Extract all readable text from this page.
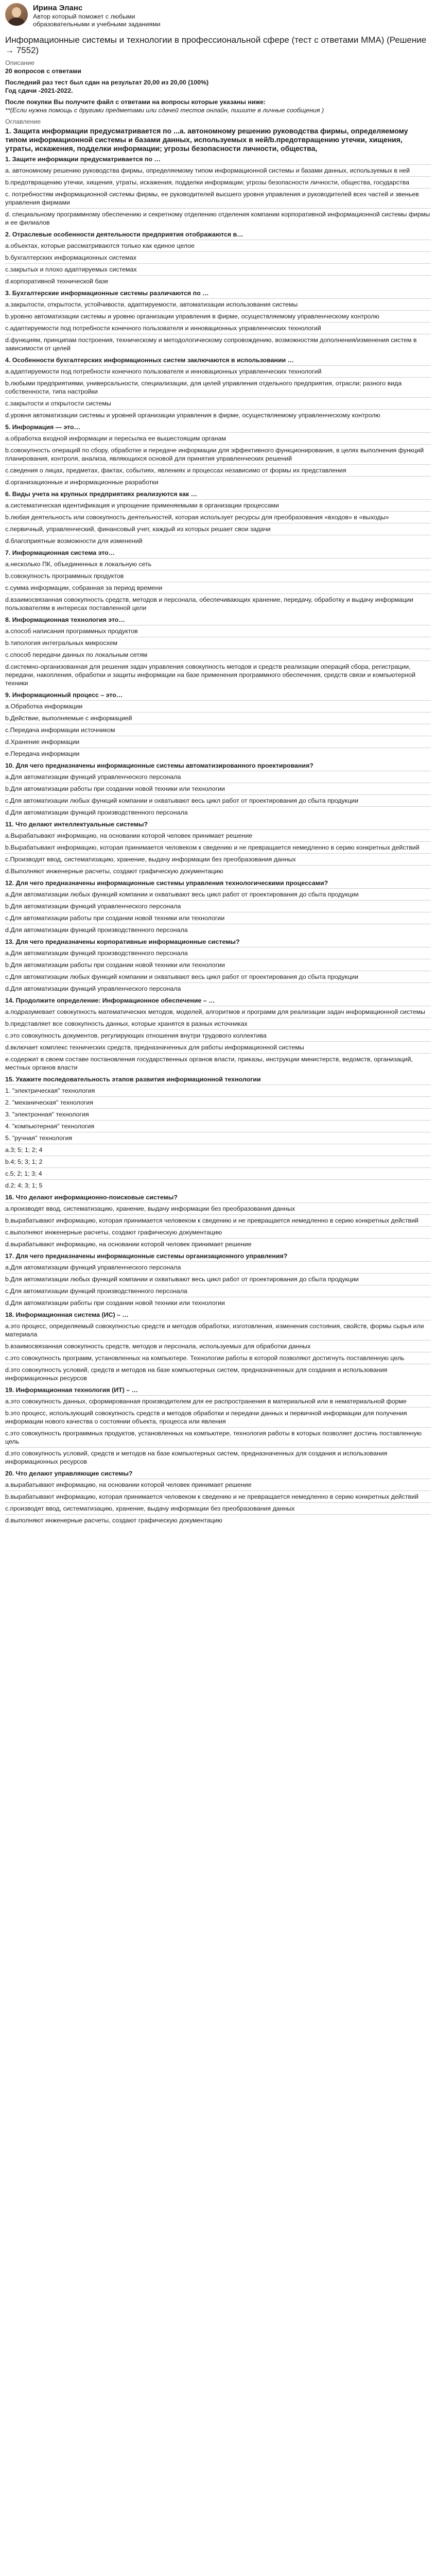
Ирина Эланс
Автор который поможет с любыми образовательными и учебными заданиями
Информационные системы и технологии в профессиональной сфере (тест с ответами ММА) (Решение → 7552)
Описание
20 вопросов с ответами
Последний раз тест был сдан на результат 20,00 из 20,00 (100%)
Год сдачи -2021-2022.
После покупки Вы получите файл с ответами на вопросы которые указаны ниже:
**(Если нужна помощь с другими предметами или сдачей тестов онлайн, пишите в личные сообщения )
Оглавление
1. Защита информации предусматривается по ...а. автономному решению руководства фирмы, определяемому типом информационной системы и базами данных, используемых в ней/b.предотвращению утечки, хищения, утраты, искажения, подделки информации; угрозы безопасности личности, общества,
1. Защите информации предусматривается по …
a. автономному решению руководства фирмы, определяемому типом информационной системы и базами данных, используемых в ней
b.предотвращению утечки, хищения, утраты, искажения, подделки информации; угрозы безопасности личности, общества, государства
c. потребностям информационной системы фирмы, ее руководителей высшего уровня управления и руководителей всех частей и звеньев управления фирмами
d. специальному программному обеспечению и секретному отделению отделения компании корпоративной информационной системы фирмы и ее филиалов
2. Отраслевые особенности деятельности предприятия отображаются в…
a.объектах, которые рассматриваются только как единое целое
b.бухгалтерских информационных системах
c.закрытых и плохо адаптируемых системах
d.корпоративной технической базе
3. Бухгалтерские информационные системы различаются по …
a.закрытости, открытости, устойчивости, адаптируемости, автоматизации использования системы
b.уровню автоматизации системы и уровню организации управления в фирме, осуществляемому управленческому контролю
c.адаптируемости под потребности конечного пользователя и инновационных управленческих технологий
d.функциям, принципам построения, техническому и методологическому сопровождению, возможностям дополнения/изменения систем в зависимости от целей
4. Особенности бухгалтерских информационных систем заключаются в использовании …
a.адаптируемости под потребности конечного пользователя и инновационных управленческих технологий
b.любыми предприятиями, универсальности, специализации, для целей управления отдельного предприятия, отрасли; разного вида собственности, типа настройки
c.закрытости и открытости системы
d.уровня автоматизации системы и уровней организации управления в фирме, осуществляемому управленческому контролю
5. Информация — это…
a.обработка входной информации и пересылка ее вышестоящим органам
b.совокупность операций по сбору, обработке и передаче информации для эффективного функционирования, в целях выполнения функций планирования, контроля, анализа, являющихся основой для принятия управленческих решений
c.сведения о лицах, предметах, фактах, событиях, явлениях и процессах независимо от формы их представления
d.организационные и информационные разработки
6. Виды учета на крупных предприятиях реализуются как …
a.систематическая идентификация и упрощение применяемыми в организации процессами
b.любая деятельность или совокупность деятельностей, которая использует ресурсы для преобразования «входов» в «выходы»
c.первичный, управленческий, финансовый учет, каждый из которых решает свои задачи
d.благоприятные возможности для изменений
7. Информационная система это…
a.несколько ПК, объединенных в локальную сеть
b.совокупность программных продуктов
c.сумма информации, собранная за период времени
d.взаимосвязанная совокупность средств, методов и персонала, обеспечивающих хранение, передачу, обработку и выдачу информации пользователям в интересах поставленной цели
8. Информационная технология это…
a.способ написания программных продуктов
b.типология интегральных микросхем
c.способ передачи данных по локальным сетям
d.системно-организованная для решения задач управления совокупность методов и средств реализации операций сбора, регистрации, передачи, накопления, обработки и защиты информации на базе применения программного обеспечения, средств связи и компьютерной техники
9. Информационный процесс – это…
a.Обработка информации
b.Действие, выполняемые с информацией
c.Передача информации источником
d.Хранение информации
e.Передача информации
10. Для чего предназначены информационные системы автоматизированного проектирования?
a.Для автоматизации функций управленческого персонала
b.Для автоматизации работы при создании новой техники или технологии
c.Для автоматизации любых функций компании и охватывают весь цикл работ от проектирования до сбыта продукции
d.Для автоматизации функций производственного персонала
11. Что делают интеллектуальные системы?
a.Вырабатывают информацию, на основании которой человек принимает решение
b.Вырабатывают информацию, которая принимается человеком к сведению и не превращается немедленно в серию конкретных действий
c.Производят ввод, систематизацию, хранение, выдачу информации без преобразования данных
d.Выполняют инженерные расчеты, создают графическую документацию
12. Для чего предназначены информационные системы управления технологическими процессами?
a.Для автоматизации любых функций компании и охватывают весь цикл работ от проектирования до сбыта продукции
b.Для автоматизации функций управленческого персонала
c.Для автоматизации работы при создании новой техники или технологии
d.Для автоматизации функций производственного персонала
13. Для чего предназначены корпоративные информационные системы?
a.Для автоматизации функций производственного персонала
b.Для автоматизации работы при создании новой техники или технологии
c.Для автоматизации любых функций компании и охватывают весь цикл работ от проектирования до сбыта продукции
d.Для автоматизации функций управленческого персонала
14. Продолжите определение: Информационное обеспечение – …
a.подразумевает совокупность математических методов, моделей, алгоритмов и программ для реализации задач информационной системы
b.представляет все совокупность данных, которые хранятся в разных источниках
c.это совокупность документов, регулирующих отношения внутри трудового коллектива
d.включает комплекс технических средств, предназначенных для работы информационной системы
e.содержит в своем составе постановления государственных органов власти, приказы, инструкции министерств, ведомств, организаций, местных органов власти
15. Укажите последовательность этапов развития информационной технологии
1. "электрическая" технология
2. "механическая" технология
3. "электронная" технология
4. "компьютерная" технология
5. "ручная" технология
a.3; 5; 1; 2; 4
b.4; 5; 3; 1; 2
c.5; 2; 1; 3; 4
d.2; 4; 3; 1; 5
16. Что делают информационно-поисковые системы?
a.производят ввод, систематизацию, хранение, выдачу информации без преобразования данных
b.вырабатывают информацию, которая принимается человеком к сведению и не превращается немедленно в серию конкретных действий
c.выполняют инженерные расчеты, создают графическую документацию
d.вырабатывают информацию, на основании которой человек принимает решение
17. Для чего предназначены информационные системы организационного управления?
a.Для автоматизации функций управленческого персонала
b.Для автоматизации любых функций компании и охватывают весь цикл работ от проектирования до сбыта продукции
c.Для автоматизации функций производственного персонала
d.Для автоматизации работы при создании новой техники или технологии
18. Информационная система (ИС) – …
a.это процесс, определяемый совокупностью средств и методов обработки, изготовления, изменения состояния, свойств, формы сырья или материала
b.взаимосвязанная совокупность средств, методов и персонала, используемых для обработки данных
c.это совокупность программ, установленных на компьютере. Технологии работы в которой позволяют достигнуть поставленную цель
d.это совокупность условий, средств и методов на базе компьютерных систем, предназначенных для создания и использования информационных ресурсов
19. Информационная технология (ИТ) – …
a.это совокупность данных, сформированная производителем для ее распространения в материальной или в нематериальной форме
b.это процесс, использующий совокупность средств и методов обработки и передачи данных и первичной информации для получения информации нового качества о состоянии объекта, процесса или явления
c.это совокупность программных продуктов, установленных на компьютере, технология работы в которых позволяет достичь поставленную цель
d.это совокупность условий, средств и методов на базе компьютерных систем, предназначенных для создания и использования информационных ресурсов
20. Что делают управляющие системы?
a.вырабатывают информацию, на основании которой человек принимает решение
b.вырабатывают информацию, которая принимается человеком к сведению и не превращается немедленно в серию конкретных действий
c.производят ввод, систематизацию, хранение, выдачу информации без преобразования данных
d.выполняют инженерные расчеты, создают графическую документацию
